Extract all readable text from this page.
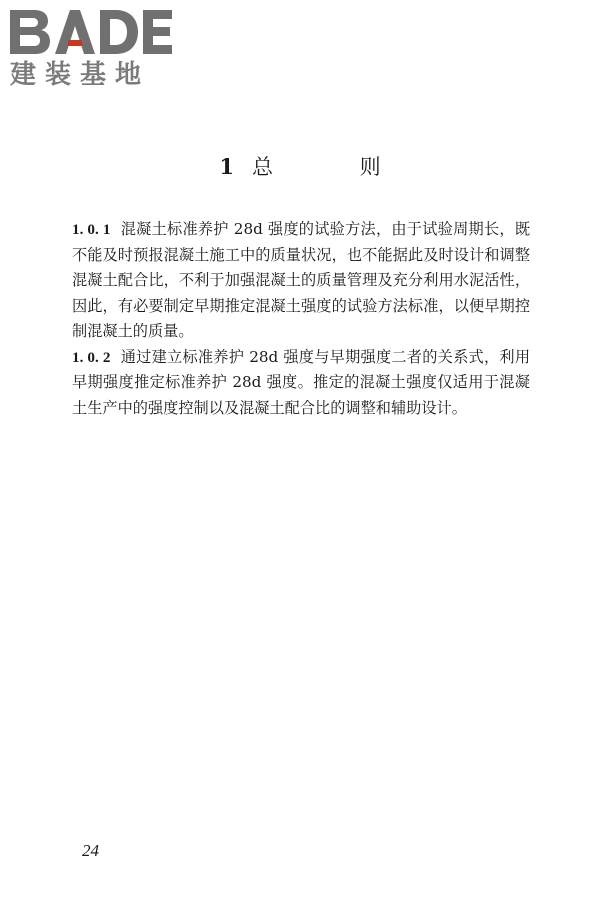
建装基地
1 总 则

1. 0. 1 混凝土标准养护 28d 强度的试验方法，由于试验周期长，既不能及时预报混凝土施工中的质量状况，也不能据此及时设计和调整混凝土配合比，不利于加强混凝土的质量管理及充分利用水泥活性，因此，有必要制定早期推定混凝土强度的试验方法标准，以便早期控制混凝土的质量。

1. 0. 2 通过建立标准养护 28d 强度与早期强度二者的关系式，利用早期强度推定标准养护 28d 强度。推定的混凝土强度仅适用于混凝土生产中的强度控制以及混凝土配合比的调整和辅助设计。

24
